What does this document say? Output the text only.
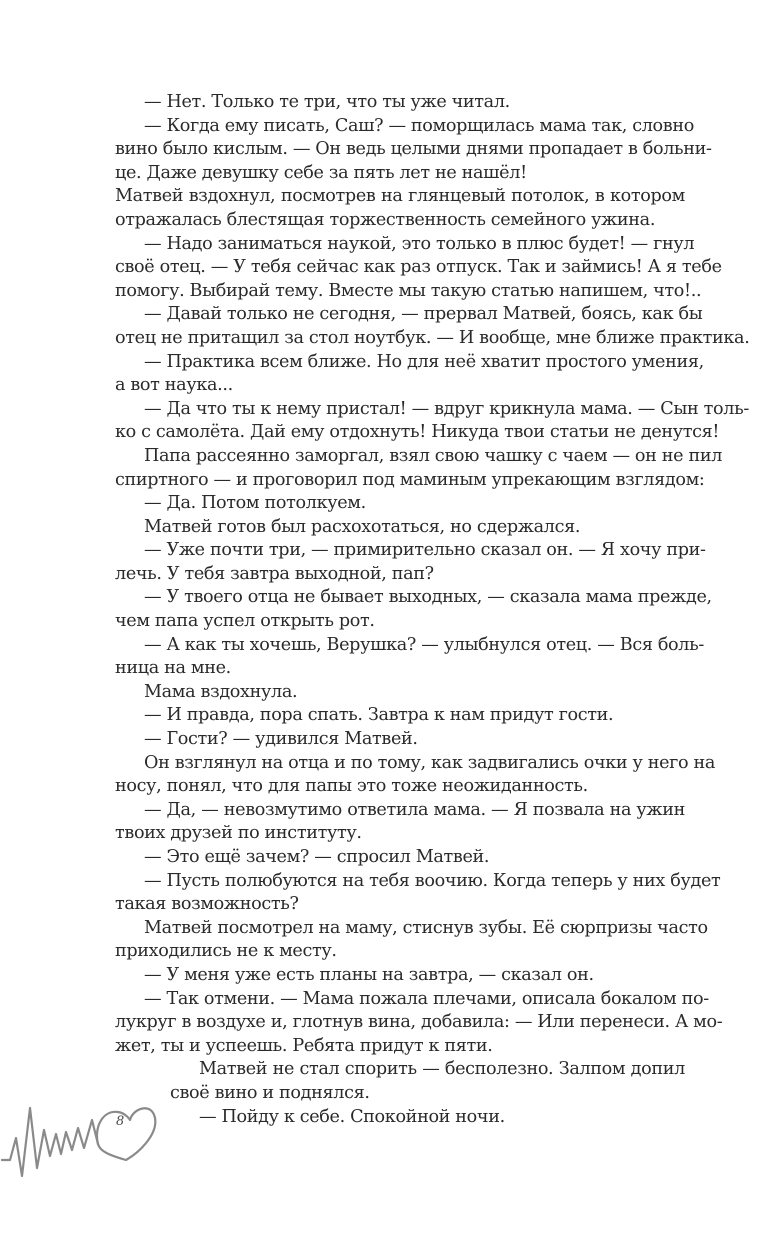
— Нет. Только те три, что ты уже читал.
— Когда ему писать, Саш? — поморщилась мама так, словно
вино было кислым. — Он ведь целыми днями пропадает в больни-
це. Даже девушку себе за пять лет не нашёл!
Матвей вздохнул, посмотрев на глянцевый потолок, в котором
отражалась блестящая торжественность семейного ужина.
— Надо заниматься наукой, это только в плюс будет! — гнул
своё отец. — У тебя сейчас как раз отпуск. Так и займись! А я тебе
помогу. Выбирай тему. Вместе мы такую статью напишем, что!..
— Давай только не сегодня, — прервал Матвей, боясь, как бы
отец не притащил за стол ноутбук. — И вообще, мне ближе практика.
— Практика всем ближе. Но для неё хватит простого умения,
а вот наука...
— Да что ты к нему пристал! — вдруг крикнула мама. — Сын толь-
ко с самолёта. Дай ему отдохнуть! Никуда твои статьи не денутся!
Папа рассеянно заморгал, взял свою чашку с чаем — он не пил
спиртного — и проговорил под маминым упрекающим взглядом:
— Да. Потом потолкуем.
Матвей готов был расхохотаться, но сдержался.
— Уже почти три, — примирительно сказал он. — Я хочу при-
лечь. У тебя завтра выходной, пап?
— У твоего отца не бывает выходных, — сказала мама прежде,
чем папа успел открыть рот.
— А как ты хочешь, Верушка? — улыбнулся отец. — Вся боль-
ница на мне.
Мама вздохнула.
— И правда, пора спать. Завтра к нам придут гости.
— Гости? — удивился Матвей.
Он взглянул на отца и по тому, как задвигались очки у него на
носу, понял, что для папы это тоже неожиданность.
— Да, — невозмутимо ответила мама. — Я позвала на ужин
твоих друзей по институту.
— Это ещё зачем? — спросил Матвей.
— Пусть полюбуются на тебя воочию. Когда теперь у них будет
такая возможность?
Матвей посмотрел на маму, стиснув зубы. Её сюрпризы часто
приходились не к месту.
— У меня уже есть планы на завтра, — сказал он.
— Так отмени. — Мама пожала плечами, описала бокалом по-
лукруг в воздухе и, глотнув вина, добавила: — Или перенеси. А мо-
жет, ты и успеешь. Ребята придут к пяти.
Матвей не стал спорить — бесполезно. Залпом допил
своё вино и поднялся.
— Пойду к себе. Спокойной ночи.
8
